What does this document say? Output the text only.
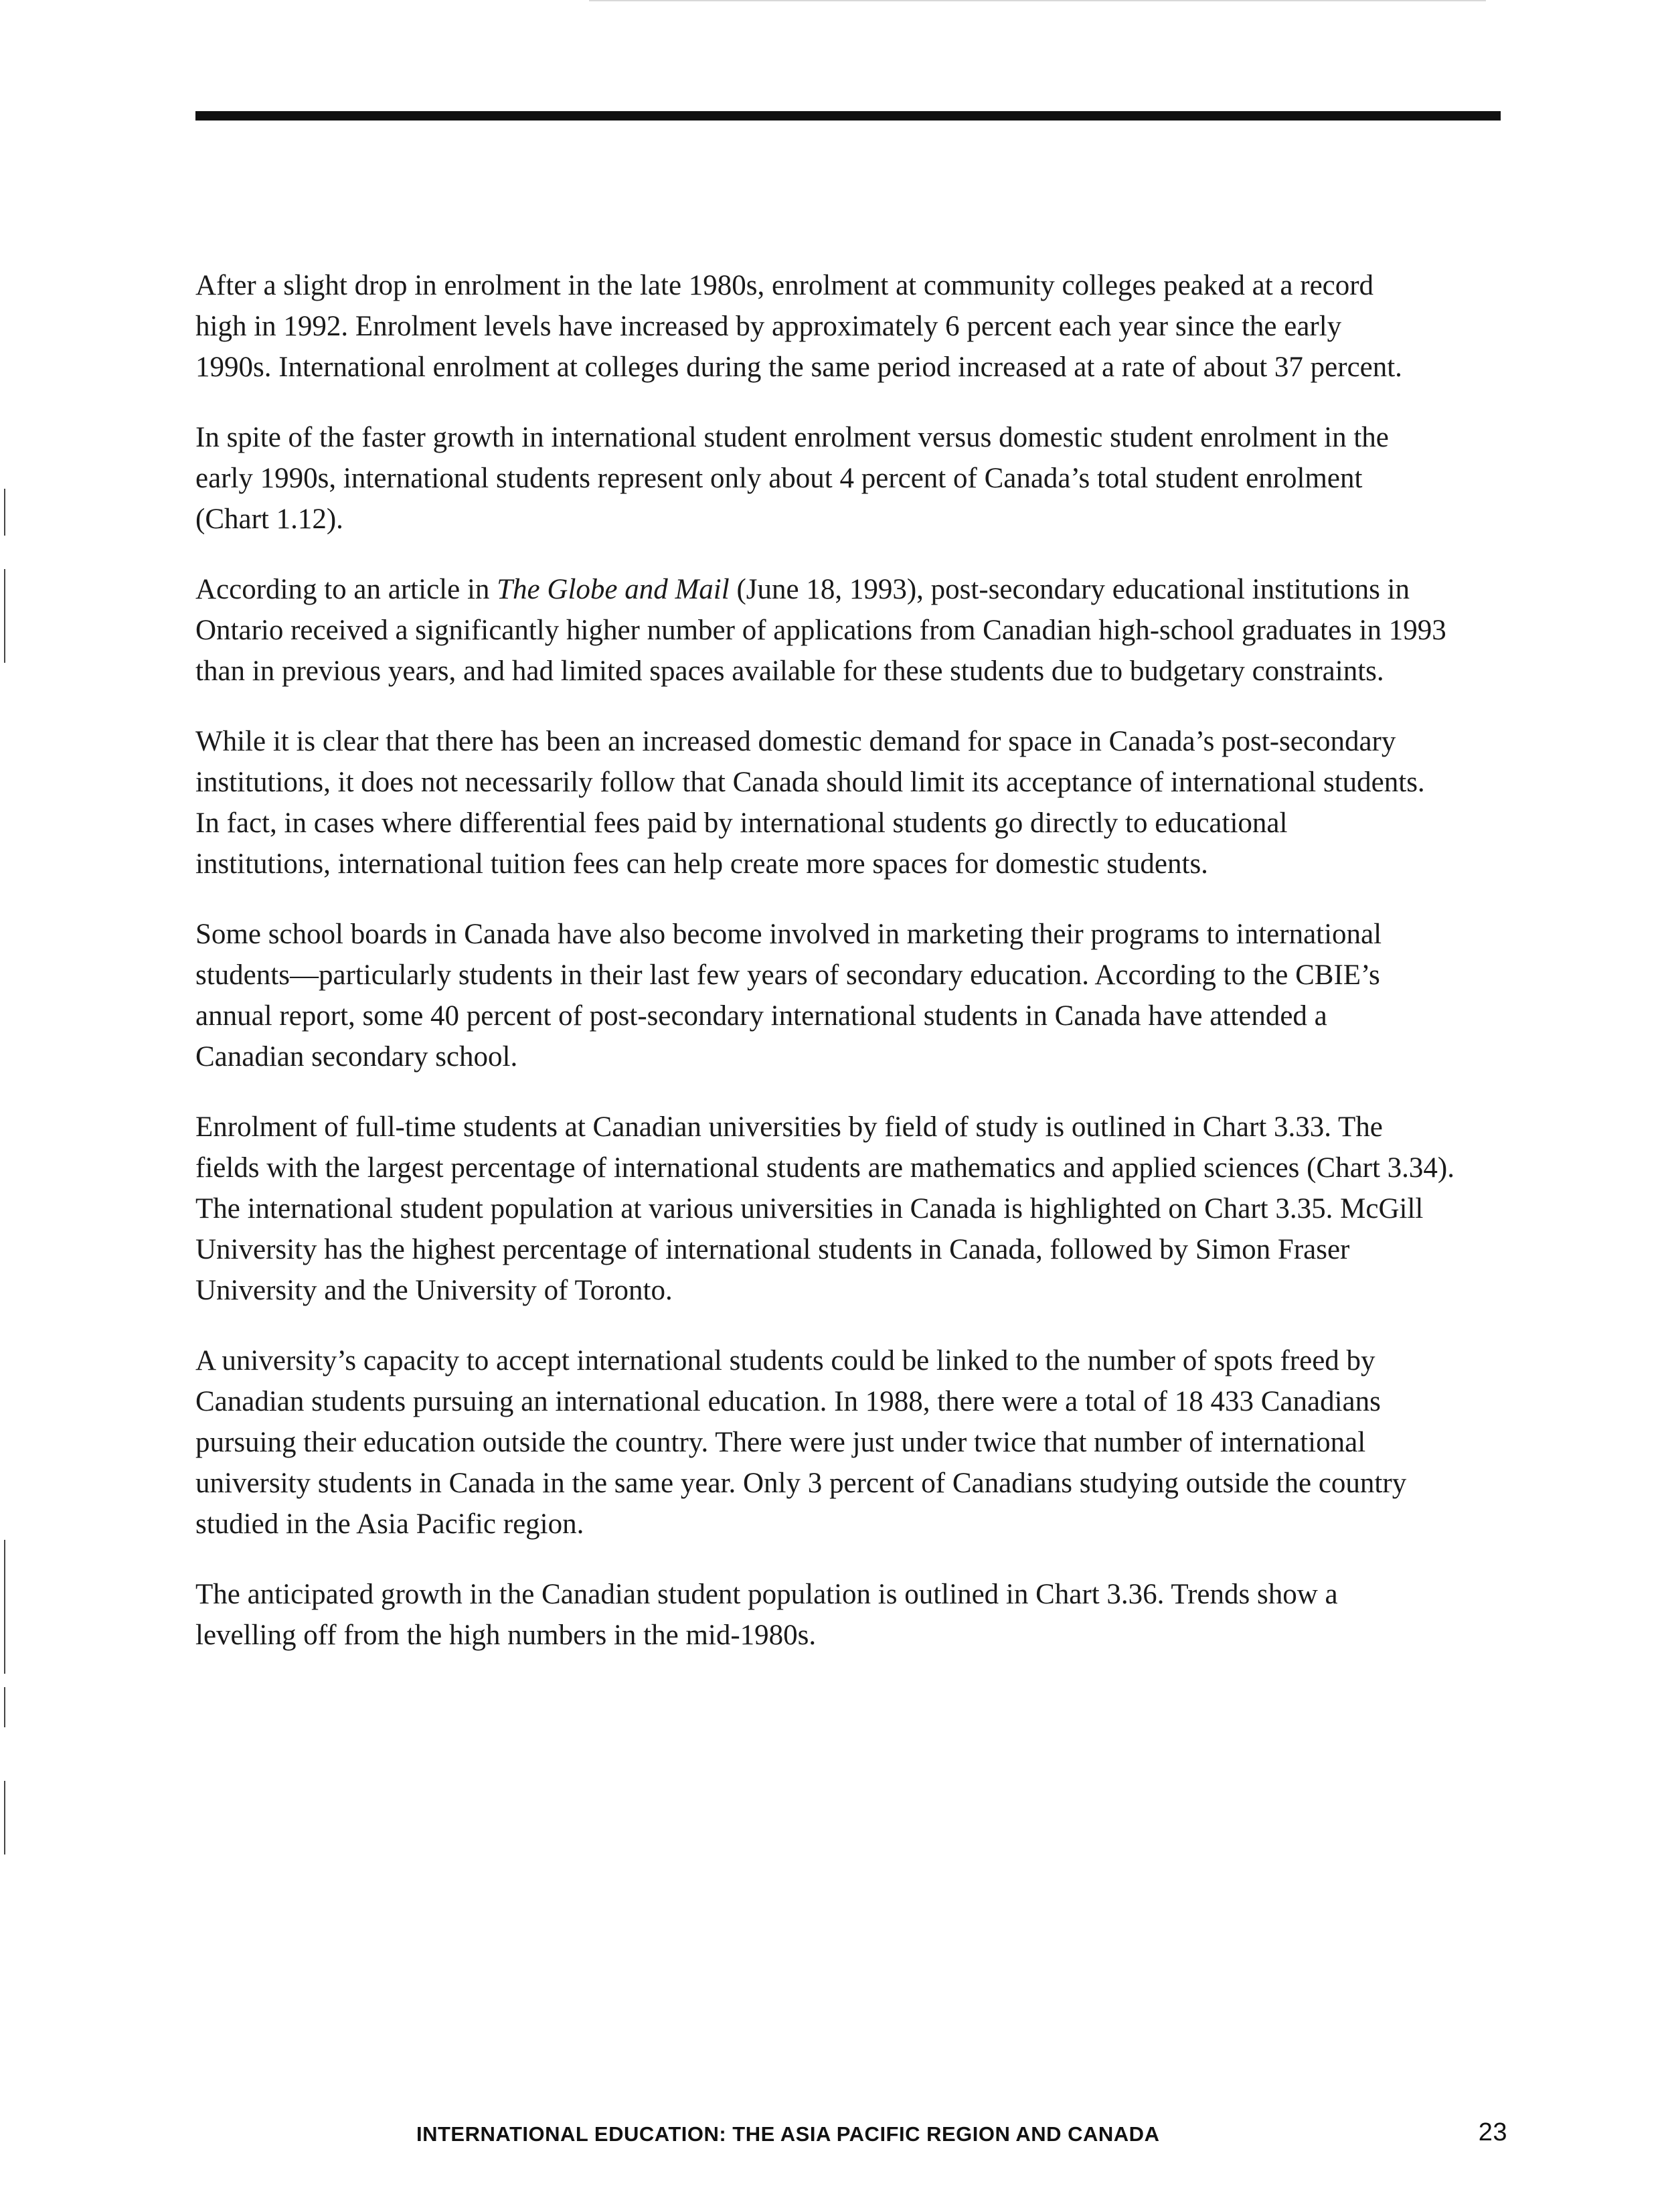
After a slight drop in enrolment in the late 1980s, enrolment at community colleges peaked at a record
high in 1992. Enrolment levels have increased by approximately 6 percent each year since the early
1990s. International enrolment at colleges during the same period increased at a rate of about 37 percent.

In spite of the faster growth in international student enrolment versus domestic student enrolment in the
early 1990s, international students represent only about 4 percent of Canada’s total student enrolment
(Chart 1.12).

According to an article in The Globe and Mail (June 18, 1993), post-secondary educational institutions in
Ontario received a significantly higher number of applications from Canadian high-school graduates in 1993
than in previous years, and had limited spaces available for these students due to budgetary constraints.

While it is clear that there has been an increased domestic demand for space in Canada’s post-secondary
institutions, it does not necessarily follow that Canada should limit its acceptance of international students.
In fact, in cases where differential fees paid by international students go directly to educational
institutions, international tuition fees can help create more spaces for domestic students.

Some school boards in Canada have also become involved in marketing their programs to international
students—particularly students in their last few years of secondary education. According to the CBIE’s
annual report, some 40 percent of post-secondary international students in Canada have attended a
Canadian secondary school.

Enrolment of full-time students at Canadian universities by field of study is outlined in Chart 3.33. The
fields with the largest percentage of international students are mathematics and applied sciences (Chart 3.34).
The international student population at various universities in Canada is highlighted on Chart 3.35. McGill
University has the highest percentage of international students in Canada, followed by Simon Fraser
University and the University of Toronto.

A university’s capacity to accept international students could be linked to the number of spots freed by
Canadian students pursuing an international education. In 1988, there were a total of 18 433 Canadians
pursuing their education outside the country. There were just under twice that number of international
university students in Canada in the same year. Only 3 percent of Canadians studying outside the country
studied in the Asia Pacific region.

The anticipated growth in the Canadian student population is outlined in Chart 3.36. Trends show a
levelling off from the high numbers in the mid-1980s.

INTERNATIONAL EDUCATION: THE ASIA PACIFIC REGION AND CANADA	23
